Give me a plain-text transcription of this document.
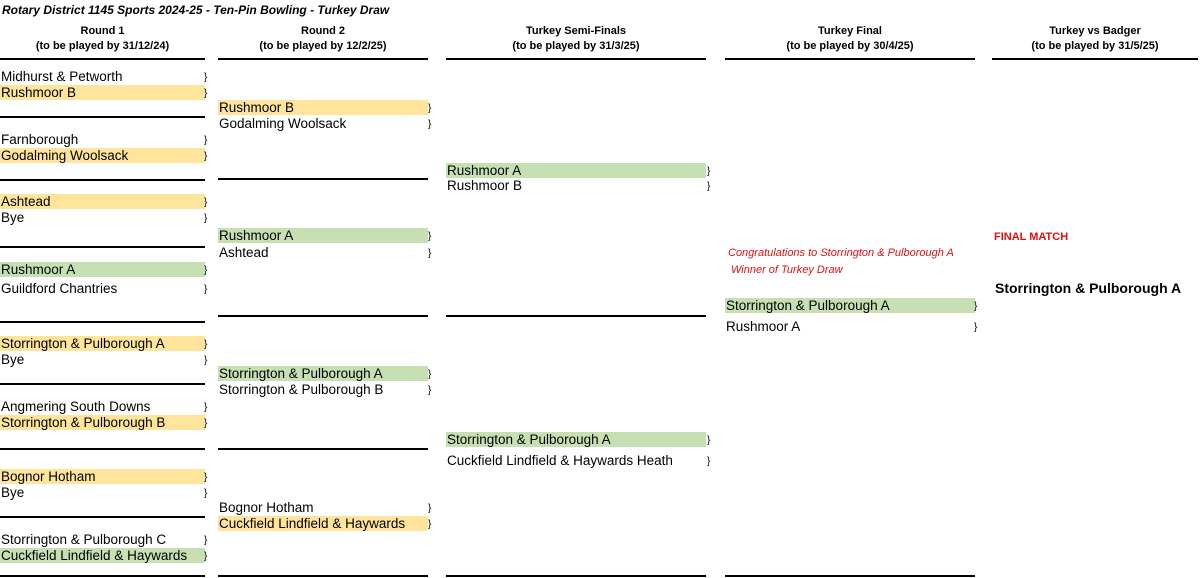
Rotary District 1145 Sports 2024-25 - Ten-Pin Bowling - Turkey Draw
Round 1
(to be played by 31/12/24)
Round 2
(to be played by 12/2/25)
Turkey Semi-Finals
(to be played by 31/3/25)
Turkey Final
(to be played by 30/4/25)
Turkey vs Badger
(to be played by 31/5/25)
Midhurst & Petworth	}
Rushmoor B	}
Farnborough	}
Godalming Woolsack	}
Ashtead	}
Bye	}
Rushmoor A	}
Guildford Chantries	}
Storrington & Pulborough A	}
Bye	}
Angmering South Downs	}
Storrington & Pulborough B	}
Bognor Hotham	}
Bye	}
Storrington & Pulborough C	}
Cuckfield Lindfield & Haywards	}
Rushmoor B	}
Godalming Woolsack	}
Rushmoor A	}
Ashtead	}
Storrington & Pulborough A	}
Storrington & Pulborough B	}
Bognor Hotham	}
Cuckfield Lindfield & Haywards	}
Rushmoor A	}
Rushmoor B	}
Storrington & Pulborough A	}
Cuckfield Lindfield & Haywards Heath	}
Storrington & Pulborough A	}
Rushmoor A	}
Congratulations to Storrington & Pulborough A
Winner of Turkey Draw
FINAL MATCH
Storrington & Pulborough A
